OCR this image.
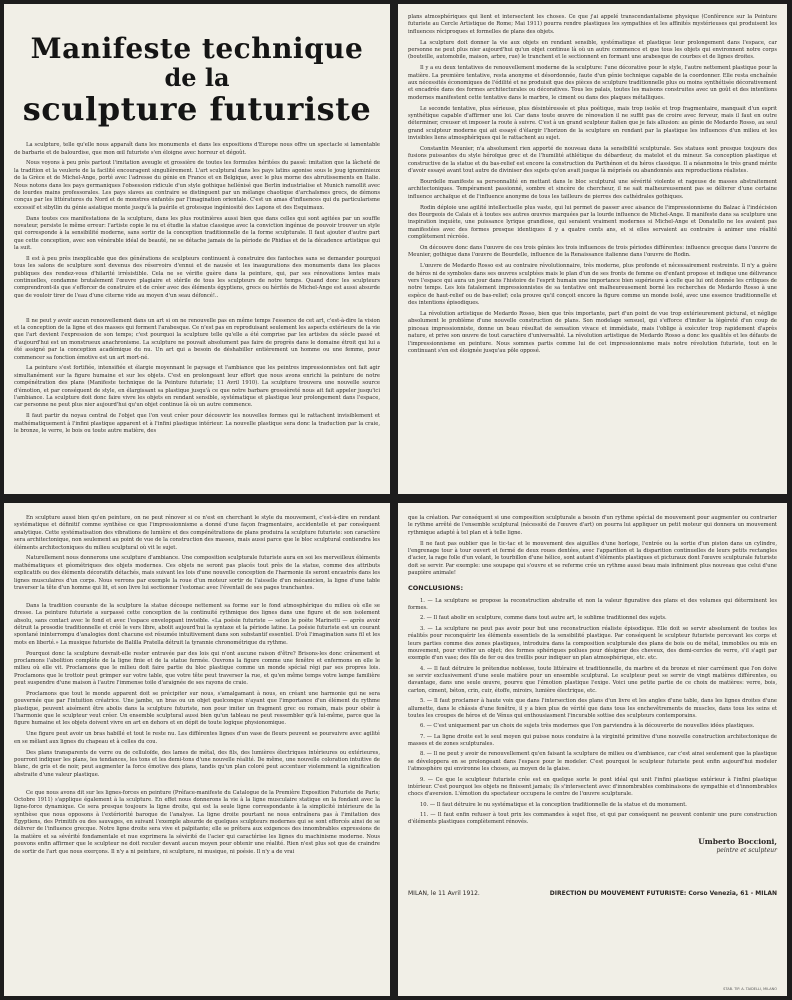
Manifeste technique
de la
sculpture futuriste

La sculpture, telle qu'elle nous apparaît dans les monuments et dans les expositions d'Europe nous offre un spectacle si lamentable de barbarie et de balourdise, que mon œil futuriste s'en éloigne avec horreur et dégoût.

Nous voyons à peu près partout l'imitation aveugle et grossière de toutes les formules héritées du passé: imitation que la lâcheté de la tradition et la veulerie de la facilité encouragent singulièrement. L'art sculptural dans les pays latins agonise sous le joug ignominieux de la Grèce et de Michel-Ange, porté avec l'adresse du génie en France et en Belgique, avec le plus morne des abrutissements en Italie. Nous notons dans les pays germaniques l'obsession ridicule d'un style gothique hellénisé que Berlin industrialise et Munich ramollit avec de lourdes mains professorales. Les pays slaves au contraire se distinguent par un mélange chaotique d'archaïsmes grecs, de démons conçus par les littératures du Nord et de monstres enfantés par l'imagination orientale. C'est un amas d'influences qui du particularisme excessif et sibyllin du génie asiatique monte jusqu'à la puérile et grotesque ingéniosité des Lapons et des Esquimaux.

Dans toutes ces manifestations de la sculpture, dans les plus routinières aussi bien que dans celles qui sont agitées par un souffle novateur, persiste le même erreur: l'artiste copie le nu et étudie la statue classique avec la conviction ingénue de pouvoir trouver un style qui corresponde à la sensibilité moderne, sans sortir de la conception traditionnelle de la forme sculpturale. Il faut ajouter d'autre part que cette conception, avec son vénérable idéal de beauté, ne se détache jamais de la période de Phidias et de la décadence artistique qui la suit.

Il est à peu près inexplicable que des générations de sculpteurs continuent à construire des fantoches sans se demander pourquoi tous les salons de sculpture sont devenus des réservoirs d'ennui et de nausée et les inaugurations des monuments dans les places publiques des rendez-vous d'hilarité irrésistible. Cela ne se vérifie guère dans la peinture, qui, par ses rénovations lentes mais continuelles, condamne brutalement l'œuvre plagiaire et stérile de tous les sculpteurs de notre temps. Quand donc les sculpteurs comprendront-ils que s'efforcer de construire et de créer avec des éléments égyptiens, grecs ou hérités de Michel-Ange est aussi absurde que de vouloir tirer de l'eau d'une citerne vide au moyen d'un seau défoncé!..

Il ne peut y avoir aucun renouvellement dans un art si on ne renouvelle pas en même temps l'essence de cet art, c'est-à-dire la vision et la conception de la ligne et des masses qui forment l'arabesque. Ce n'est pas en reproduisant seulement les aspects extérieurs de la vie que l'art devient l'expression de son temps; c'est pourquoi la sculpture telle qu'elle a été comprise par les artistes du siècle passé et d'aujourd'hui est un monstrueux anachronisme. La sculpture ne pouvait absolument pas faire de progrès dans le domaine étroit qui lui a été assigné par la conception académique du nu. Un art qui a besoin de déshabiller entièrement un homme ou une femme, pour commencer sa fonction émotive est un art mort-né.

La peinture s'est fortifiée, intensifiée et élargie moyennant le paysage et l'ambiance que les peintres impressionnistes ont fait agir simultanément sur la figure humaine et sur les objets. C'est en prolongeant leur effort que nous avons enrichi la peinture de notre compénétration des plans (Manifeste technique de la Peinture futuriste; 11 Avril 1910). La sculpture trouvera une nouvelle source d'émotion, et par conséquent de style, en élargissant sa plastique jusqu'à ce que notre barbare grossièreté nous ait fait appeler jusqu'ici l'ambiance. La sculpture doit donc faire vivre les objets en rendant sensible, systématique et plastique leur prolongement dans l'espace, car personne ne peut plus nier aujourd'hui qu'un objet continue là où un autre commence.

Il faut partir du noyau central de l'objet que l'on veut créer pour découvrir les nouvelles formes qui le rattachent invisiblement et mathématiquement à l'infini plastique apparent et à l'infini plastique intérieur. La nouvelle plastique sera donc la traduction par la craie, le bronze, le verre, le bois ou toute autre matière, des

plans atmosphériques qui lient et intersectent les choses. Ce que j'ai appelé transcendantalisme physique (Conférence sur la Peinture futuriste au Cercle Artistique de Rome; Mai 1911) pourra rendre plastiques les sympathies et les affinités mystérieuses qui produisent les influences réciproques et formelles de plans des objets.

La sculpture doit donner la vie aux objets en rendant sensible, systématique et plastique leur prolongement dans l'espace, car personne ne peut plus nier aujourd'hui qu'un objet continue là où un autre commence et que tous les objets qui environnent notre corps (bouteille, automobile, maison, arbre, rue) le tranchent et le sectionnent en formant une arabesque de courbes et de lignes droites.

Il y a eu deux tentatives de renouvellement moderne de la sculpture: l'une décorative pour le style, l'autre nettement plastique pour la matière. La première tentative, resta anonyme et désordonnée, faute d'un génie technique capable de la coordonner. Elle resta enchaînée aux nécessités économiques de l'édilité et ne produisit que des pièces de sculpture traditionnelle plus ou moins synthétisée décorativement et encadrée dans des formes architecturales ou décoratives. Tous les palais, toutes les maisons construites avec un goût et des intentions modernes manifestent cette tentative dans le marbre, le ciment ou dans des plaques métalliques.

Le seconde tentative, plus sérieuse, plus désintéressée et plus poétique, mais trop isolée et trop fragmentaire, manquait d'un esprit synthétique capable d'affirmer une loi. Car dans toute œuvre de rénovation il ne suffit pas de croire avec ferveur, mais il faut en outre déterminer, creuser et imposer la route à suivre. C'est à un grand sculpteur italien que je fais allusion: au génie de Medardo Rosso, au seul grand sculpteur moderne qui ait essayé d'élargir l'horizon de la sculpture en rendant par la plastique les influences d'un milieu et les invisibles liens atmosphériques qui le rattachent au sujet.

Constantin Meunier, n'a absolument rien apporté de nouveau dans la sensibilité sculpturale. Ses statues sont presque toujours des fusions puissantes du style héroïque grec et de l'humilité athlétique du débardeur, du matelot et du mineur. Sa conception plastique et constructive de la statue et du bas-relief est encore la construction du Parthénon et du héros classique. Il a néanmoins le très grand mérite d'avoir essayé avant tout autre de diviniser des sujets qu'on avait jusque là méprisés ou abandonnés aux reproductions réalistes.

Bourdelle manifeste sa personnalité en mettant dans le bloc sculptural une sévérité violente et rageuse de masses abstraitement architectoniques. Tempérament passionné, sombre et sincère de chercheur, il ne sait malheureusement pas se délivrer d'une certaine influence archaïque et de l'influence anonyme de tous les tailleurs de pierres des cathédrales gothiques.

Rodin déploie une agilité intellectuelle plus vaste, qui lui permet de passer avec aisance de l'impressionnisme du Balzac à l'indécision des Bourgeois de Calais et à toutes ses autres œuvres marquées par la lourde influence de Michel-Ange. Il manifeste dans sa sculpture une inspiration inquiète, une puissance lyrique grandiose, qui seraient vraiment modernes si Michel-Ange et Donatello ne les avaient pas manifestées avec des formes presque identiques il y a quatre cents ans, et si elles servaient au contraire à animer une réalité complètement récréée.

On découvre donc dans l'œuvre de ces trois génies les trois influences de trois périodes différentes: influence grecque dans l'œuvre de Meunier, gothique dans l'œuvre de Bourdelle, influence de la Renaissance italienne dans l'œuvre de Rodin.

L'œuvre de Medardo Rosso est au contraire révolutionnaire, très moderne, plus profonde et nécessairement restreinte. Il n'y a guère de héros ni de symboles dans ses œuvres sculptées mais le plan d'un de ses fronts de femme ou d'enfant propose et indique une délivrance vers l'espace qui aura un jour dans l'histoire de l'esprit humain une importance bien supérieure à celle que lui ont donnée les critiques de notre temps. Les lois fatalement impressionnistes de sa tentative ont malheureusement borné les recherches de Medardo Rosso à une espèce de haut-relief ou de bas-relief; cela prouve qu'il conçoit encore la figure comme un monde isolé, avec une essence traditionnelle et des intentions épisodiques.

La révolution artistique de Medardo Rosso, bien que très importante, part d'un point de vue trop extérieurement pictural, et néglige absolument le problème d'une nouvelle construction de plans. Son modelage sensuel, qui s'efforce d'imiter la légèreté d'un coup de pinceau impressionniste, donne un beau résultat de sensation vivace et immédiate, mais l'oblige à exécuter trop rapidement d'après nature, et prive son œuvre de tout caractère d'universalité. La révolution artistique de Medardo Rosso a donc les qualités et les défauts de l'impressionnisme en peinture. Nous sommes partis comme lui de cet impressionnisme mais notre révolution futuriste, tout en le continuant s'en est éloignée jusqu'au pôle opposé.

En sculpture aussi bien qu'en peinture, on ne peut rénover si ce n'est en cherchant le style du mouvement, c'est-à-dire en rendant systématique et définitif comme synthèse ce que l'impressionnisme a donné d'une façon fragmentaire, accidentelle et par conséquent analytique. Cette systématisation des vibrations de lumière et des compénétrations de plans produira la sculpture futuriste: son caractère sera architectonique, non seulement au point de vue de la construction des masses, mais aussi parce que le bloc sculptural contiendra les éléments architectoniques du milieu sculptural où vit le sujet.

Naturellement nous donnerons une sculpture d'ambiance. Une composition sculpturale futuriste aura en soi les merveilleux éléments mathématiques et géométriques des objets modernes. Ces objets ne seront pas placés tout près de la statue, comme des attributs explicatifs ou des éléments décoratifs détachés, mais suivant les lois d'une nouvelle conception de l'harmonie ils seront encastrés dans les lignes musculaires d'un corps. Nous verrons par exemple la roue d'un moteur sortir de l'aisselle d'un mécanicien, la ligne d'une table traverser la tête d'un homme qui lit, et son livre lui sectionner l'estomac avec l'éventail de ses pages tranchantes.

Dans la tradition courante de la sculpture la statue découpe nettement sa forme sur le fond atmosphérique du milieu où elle se dresse. La peinture futuriste a surpassé cette conception de la continuité rythmique des lignes dans une figure et de son isolement absolu, sans contact avec le fond et avec l'espace enveloppant invisible. «La poésie futuriste — selon le poète Marinetti — après avoir détruit la prosodie traditionnelle et créé le vers libre, abolit aujourd'hui la syntaxe et la période latine. La poésie futuriste est un courant spontané ininterrompu d'analogies dont chacune est résumée intuitivement dans son substantif essentiel. D'où l'imagination sans fil et les mots en liberté.» La musique futuriste de Balilla Pratella détruit la tyrannie chronométrique du rythme.

Pourquoi donc la sculpture devrait-elle rester entravée par des lois qui n'ont aucune raison d'être? Brisons-les donc crânement et proclamons l'abolition complète de la ligne finie et de la statue fermée. Ouvrons la figure comme une fenêtre et enfermons en elle le milieu où elle vit. Proclamons que le milieu doit faire partie du bloc plastique comme un monde spécial régi par ses propres lois. Proclamons que le trottoir peut grimper sur votre table, que votre tête peut traverser la rue, et qu'en même temps votre lampe familière peut suspendre d'une maison à l'autre l'immense toile d'araignée de ses rayons de craie.

Proclamons que tout le monde apparent doit se précipiter sur nous, s'amalgamant à nous, en créant une harmonie qui ne sera gouvernée que par l'intuition créatrice. Une jambe, un bras ou un objet quelconque n'ayant que l'importance d'un élément du rythme plastique, peuvent aisément être abolis dans la sculpture futuriste, non pour imiter un fragment grec ou romain, mais pour obéir à l'harmonie que le sculpteur veut créer. Un ensemble sculptural aussi bien qu'un tableau ne peut ressembler qu'à lui-même, parce que la figure humaine et les objets doivent vivre en art en dehors et en dépit de toute logique physionomique.

Une figure peut avoir un bras habillé et tout le reste nu. Les différentes lignes d'un vase de fleurs peuvent se poursuivre avec agilité en se mêlant aux lignes du chapeau et à celles du cou.

Des plans transparents de verre ou de celluloïde, des lames de métal, des fils, des lumières électriques intérieures ou extérieures, pourront indiquer les plans, les tendances, les tons et les demi-tons d'une nouvelle réalité. De même, une nouvelle coloration intuitive de blanc, de gris et de noir, peut augmenter la force émotive des plans, tandis qu'un plan coloré peut accentuer violemment la signification abstraite d'une valeur plastique.

Ce que nous avons dit sur les lignes-forces en peinture (Préface-manifeste du Catalogue de la Première Exposition Futuriste de Paris; Octobre 1911) s'applique également à la sculpture. En effet nous donnerons la vie à la ligne musculaire statique en la fondant avec la ligne-force dynamique. Ce sera presque toujours la ligne droite, qui est la seule ligne correspondante à la simplicité intérieure de la synthèse que nous opposons à l'extériorité baroque de l'analyse. La ligne droite pourtant ne nous entraînera pas à l'imitation des Égyptiens, des Primitifs ou des sauvages, en suivant l'exemple absurde de quelques sculpteurs modernes qui se sont efforcés ainsi de se délivrer de l'influence grecque. Notre ligne droite sera vive et palpitante; elle se prêtera aux exigences des innombrables expressions de la matière et sa sévérité fondamentale et nue exprimera la sévérité de l'acier qui caractérise les lignes du machinisme moderne. Nous pouvons enfin affirmer que le sculpteur ne doit reculer devant aucun moyen pour obtenir une réalité. Rien n'est plus sot que de craindre de sortir de l'art que nous exerçons. Il n'y a ni peinture, ni sculpture, ni musique, ni poésie. Il n'y a de vrai

que la création. Par conséquent si une composition sculpturale a besoin d'un rythme spécial de mouvement pour augmenter ou contrarier le rythme arrêté de l'ensemble sculptural (nécessité de l'œuvre d'art) on pourra lui appliquer un petit moteur qui donnera un mouvement rythmique adapté à tel plan et à telle ligne.

Il ne faut pas oublier que le tic-tac et le mouvement des aiguilles d'une horloge, l'entrée ou la sortie d'un piston dans un cylindre, l'engrenage tour à tour ouvert et fermé de deux roues dentées, avec l'apparition et la disparition continuelles de leurs petits rectangles d'acier, la rage folle d'un volant, le tourbillon d'une hélice, sont autant d'éléments plastiques et picturaux dont l'œuvre sculpturale futuriste doit se servir. Par exemple: une soupape qui s'ouvre et se referme crée un rythme aussi beau mais infiniment plus nouveau que celui d'une paupière animale!

CONCLUSIONS:

1. — La sculpture se propose la reconstruction abstraite et non la valeur figurative des plans et des volumes qui déterminent les formes.

2. — Il faut abolir en sculpture, comme dans tout autre art, le sublime traditionnel des sujets.

3. — La sculpture ne peut pas avoir pour but une reconstruction réaliste épisodique. Elle doit se servir absolument de toutes les réalités pour reconquérir les éléments essentiels de la sensibilité plastique. Par conséquent le sculpteur futuriste percevant les corps et leurs parties comme des zones plastiques, introduira dans la composition sculpturale des plans de bois ou de métal, immobiles ou mis en mouvement, pour vivifier un objet; des formes sphériques poilues pour désigner des cheveux, des demi-cercles de verre, s'il s'agit par exemple d'un vase; des fils de fer ou des treillis pour indiquer un plan atmosphérique, etc. etc.

4. — Il faut détruire le prétendue noblesse, toute littéraire et traditionnelle, du marbre et du bronze et nier carrément que l'on doive se servir exclusivement d'une seule matière pour un ensemble sculptural. Le sculpteur peut se servir de vingt matières différentes, ou davantage, dans une seule œuvre, pourvu que l'émotion plastique l'exige. Voici une petite partie de ce choix de matières: verre, bois, carton, ciment, béton, crin, cuir, étoffe, miroirs, lumière électrique, etc.

5. — Il faut proclamer à haute voix que dans l'intersection des plans d'un livre et les angles d'une table, dans les lignes droites d'une allumette, dans le châssis d'une fenêtre, il y a bien plus de vérité que dans tous les enchevêtrements de muscles, dans tous les seins et toutes les croupes de héros et de Vénus qui enthousiasment l'incurable sottise des sculpteurs contemporains.

6. — C'est uniquement par un choix de sujets très modernes que l'on parviendra à la découverte de nouvelles idées plastiques.

7. — La ligne droite est le seul moyen qui puisse nous conduire à la virginité primitive d'une nouvelle construction architectonique de masses et de zones sculpturales.

8. — Il ne peut y avoir de renouvellement qu'en faisant la sculpture de milieu ou d'ambiance, car c'est ainsi seulement que la plastique se développera en se prolongeant dans l'espace pour le modeler. C'est pourquoi le sculpteur futuriste peut enfin aujourd'hui modeler l'atmosphère qui environne les choses, au moyen de la glaise.

9. — Ce que le sculpteur futuriste crée est en quelque sorte le pont idéal qui unit l'infini plastique extérieur à l'infini plastique intérieur. C'est pourquoi les objets ne finissent jamais; ils s'intersectent avec d'innombrables combinaisons de sympathie et d'innombrables chocs d'aversion. L'émotion du spectateur occupera le centre de l'œuvre sculpturale.

10. — Il faut détruire le nu systématique et la conception traditionnelle de la statue et du monument.

11. — Il faut enfin refuser à tout prix les commandes à sujet fixe, et qui par conséquent ne peuvent contenir une pure construction d'éléments plastiques complètement rénovés.

Umberto Boccioni,
peintre et sculpteur
MILAN, le 11 Avril 1912.	DIRECTION DU MOUVEMENT FUTURISTE: Corso Venezia, 61 - MILAN
STAB. TIP. A. TAIDELLI, MILANO
